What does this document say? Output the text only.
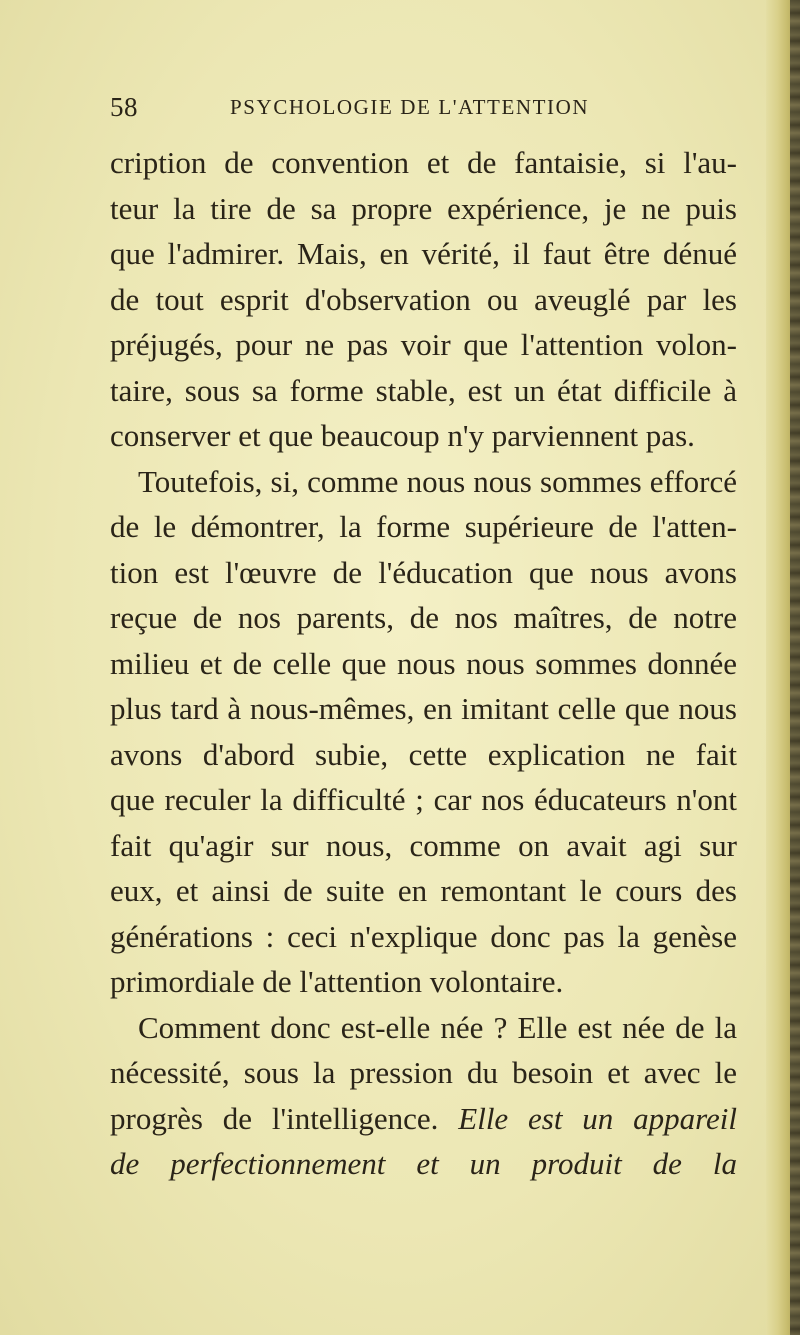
58	PSYCHOLOGIE DE L'ATTENTION
cription de convention et de fantaisie, si l'au-
teur la tire de sa propre expérience, je ne puis
que l'admirer. Mais, en vérité, il faut être dénué
de tout esprit d'observation ou aveuglé par les
préjugés, pour ne pas voir que l'attention volon-
taire, sous sa forme stable, est un état difficile à
conserver et que beaucoup n'y parviennent pas.
Toutefois, si, comme nous nous sommes efforcé
de le démontrer, la forme supérieure de l'atten-
tion est l'œuvre de l'éducation que nous avons
reçue de nos parents, de nos maîtres, de notre
milieu et de celle que nous nous sommes donnée
plus tard à nous-mêmes, en imitant celle que nous
avons d'abord subie, cette explication ne fait
que reculer la difficulté ; car nos éducateurs n'ont
fait qu'agir sur nous, comme on avait agi sur
eux, et ainsi de suite en remontant le cours des
générations : ceci n'explique donc pas la genèse
primordiale de l'attention volontaire.
Comment donc est-elle née ? Elle est née de la
nécessité, sous la pression du besoin et avec le
progrès de l'intelligence. Elle est un appareil
de perfectionnement et un produit de la
